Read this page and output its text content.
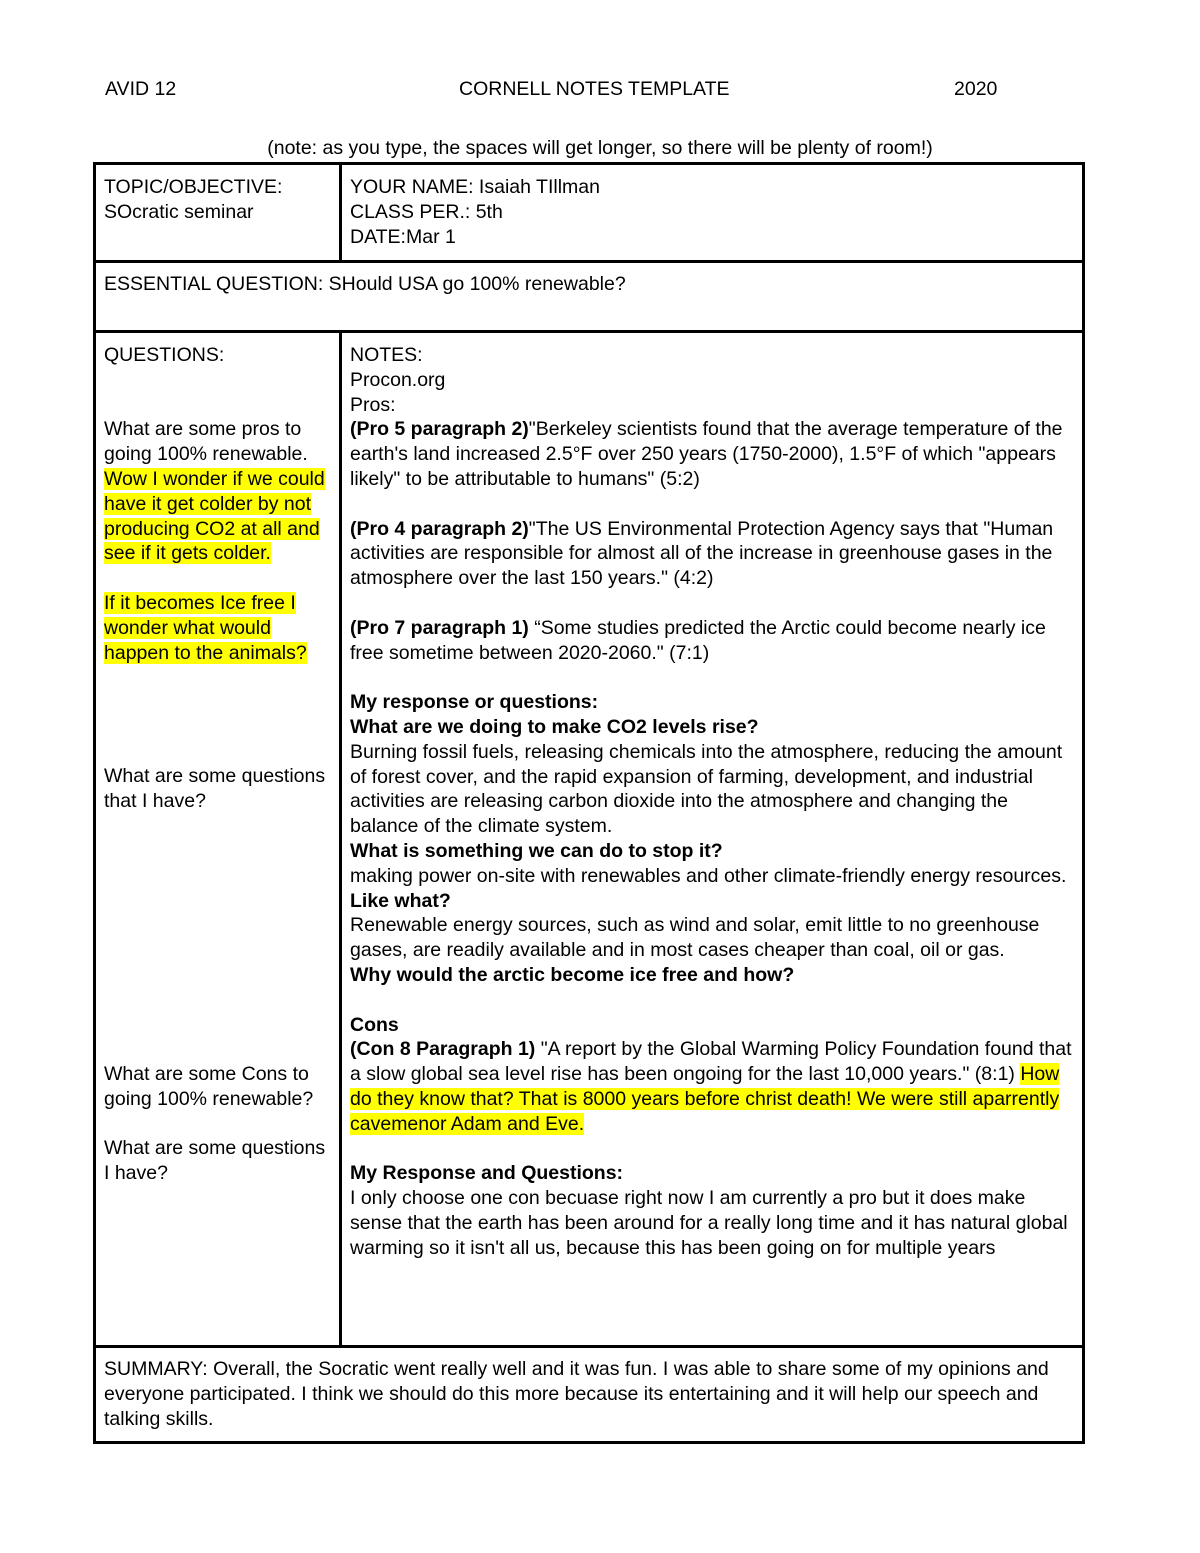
AVID 12	CORNELL NOTES TEMPLATE	2020
(note: as you type, the spaces will get longer, so there will be plenty of room!)

TOPIC/OBJECTIVE:

SOcratic seminar

YOUR NAME: Isaiah TIllman

CLASS PER.: 5th

DATE:Mar 1

ESSENTIAL QUESTION: SHould USA go 100% renewable?

QUESTIONS:

What are some pros to going 100% renewable. Wow I wonder if we could have it get colder by not producing CO2 at all and see if it gets colder.

If it becomes Ice free I wonder what would happen to the animals?

What are some questions that I have?

What are some Cons to going 100% renewable?

What are some questions I have?

NOTES:

Procon.org

Pros:

(Pro 5 paragraph 2)"Berkeley scientists found that the average temperature of the earth's land increased 2.5°F over 250 years (1750-2000), 1.5°F of which "appears likely" to be attributable to humans" (5:2)

(Pro 4 paragraph 2)"The US Environmental Protection Agency says that "Human activities are responsible for almost all of the increase in greenhouse gases in the atmosphere over the last 150 years." (4:2)

(Pro 7 paragraph 1) “Some studies predicted the Arctic could become nearly ice free sometime between 2020-2060." (7:1)

My response or questions:

What are we doing to make CO2 levels rise?

Burning fossil fuels, releasing chemicals into the atmosphere, reducing the amount of forest cover, and the rapid expansion of farming, development, and industrial activities are releasing carbon dioxide into the atmosphere and changing the balance of the climate system.

What is something we can do to stop it?

making power on-site with renewables and other climate-friendly energy resources.

Like what?

Renewable energy sources, such as wind and solar, emit little to no greenhouse gases, are readily available and in most cases cheaper than coal, oil or gas.

Why would the arctic become ice free and how?

Cons

(Con 8 Paragraph 1) "A report by the Global Warming Policy Foundation found that a slow global sea level rise has been ongoing for the last 10,000 years." (8:1) How do they know that? That is 8000 years before christ death! We were still aparrently cavemenor Adam and Eve.

My Response and Questions:

I only choose one con becuase right now I am currently a pro but it does make sense that the earth has been around for a really long time and it has natural global warming so it isn't all us, because this has been going on for multiple years

SUMMARY: Overall, the Socratic went really well and it was fun. I was able to share some of my opinions and everyone participated. I think we should do this more because its entertaining and it will help our speech and talking skills.
